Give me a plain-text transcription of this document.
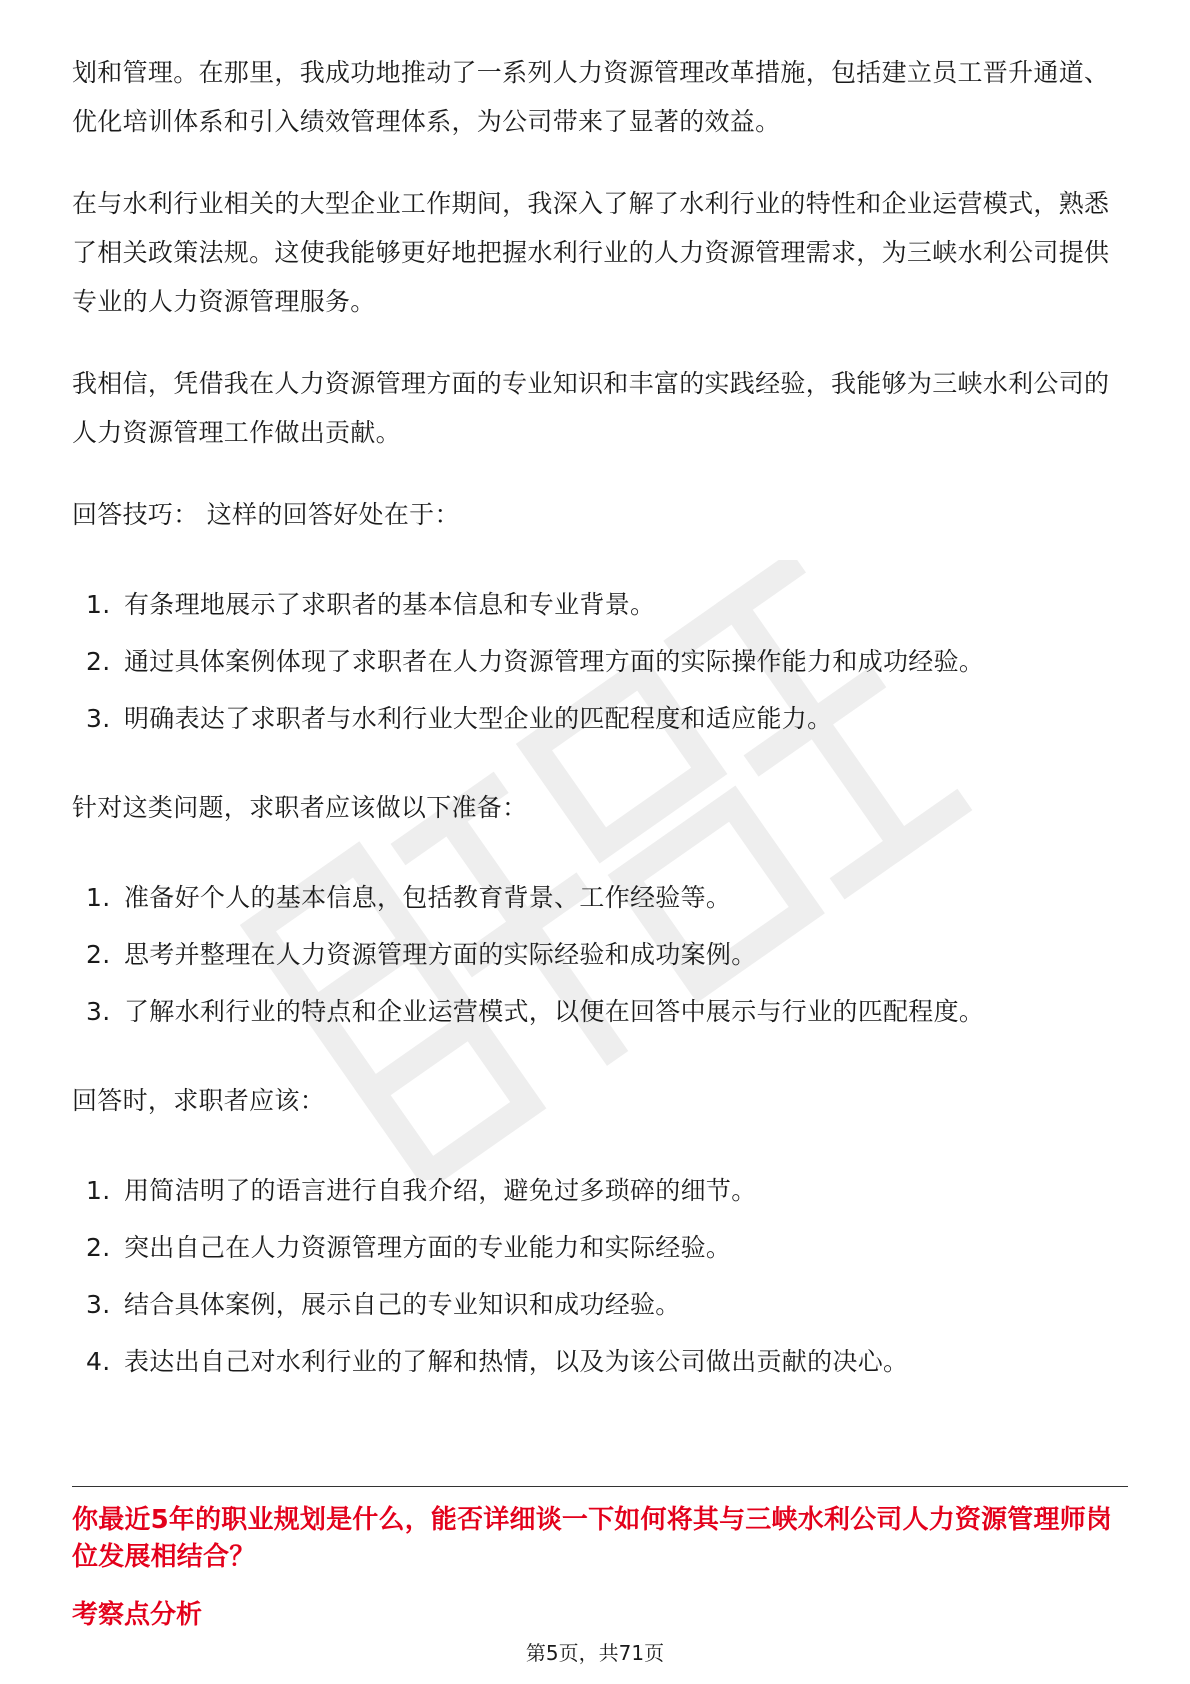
划和管理。在那里，我成功地推动了一系列人力资源管理改革措施，包括建立员工晋升通道、优化培训体系和引入绩效管理体系，为公司带来了显著的效益。

在与水利行业相关的大型企业工作期间，我深入了解了水利行业的特性和企业运营模式，熟悉了相关政策法规。这使我能够更好地把握水利行业的人力资源管理需求，为三峡水利公司提供专业的人力资源管理服务。

我相信，凭借我在人力资源管理方面的专业知识和丰富的实践经验，我能够为三峡水利公司的人力资源管理工作做出贡献。

回答技巧： 这样的回答好处在于：

1. 有条理地展示了求职者的基本信息和专业背景。
2. 通过具体案例体现了求职者在人力资源管理方面的实际操作能力和成功经验。
3. 明确表达了求职者与水利行业大型企业的匹配程度和适应能力。

针对这类问题，求职者应该做以下准备：

1. 准备好个人的基本信息，包括教育背景、工作经验等。
2. 思考并整理在人力资源管理方面的实际经验和成功案例。
3. 了解水利行业的特点和企业运营模式，以便在回答中展示与行业的匹配程度。

回答时，求职者应该：

1. 用简洁明了的语言进行自我介绍，避免过多琐碎的细节。
2. 突出自己在人力资源管理方面的专业能力和实际经验。
3. 结合具体案例，展示自己的专业知识和成功经验。
4. 表达出自己对水利行业的了解和热情，以及为该公司做出贡献的决心。
你最近5年的职业规划是什么，能否详细谈一下如何将其与三峡水利公司人力资源管理师岗位发展相结合？
考察点分析
第5页，共71页
